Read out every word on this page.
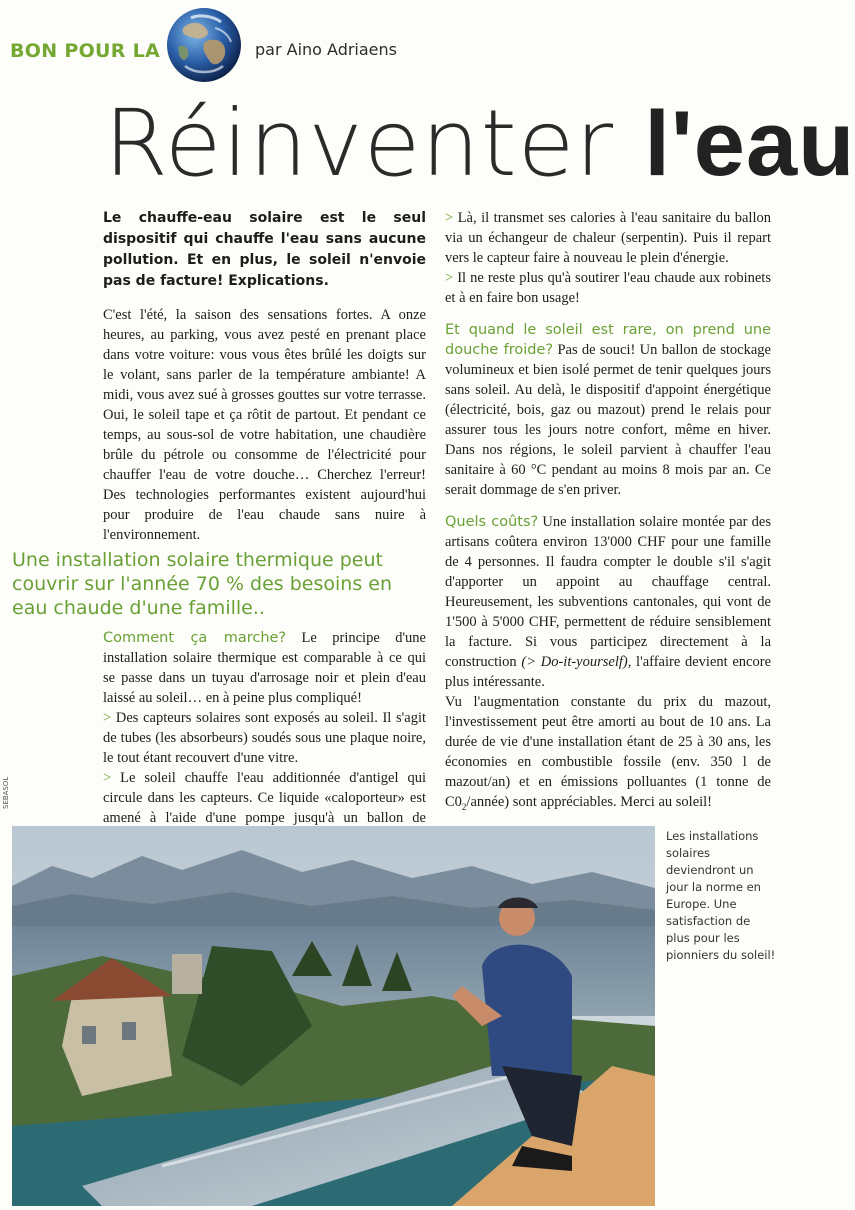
BON POUR LA	par Aino Adriaens
Réinventer l'eau
Le chauffe-eau solaire est le seul dispositif qui chauffe l'eau sans aucune pollution. Et en plus, le soleil n'envoie pas de facture! Explications.

C'est l'été, la saison des sensations fortes. A onze heures, au parking, vous avez pesté en prenant place dans votre voiture: vous vous êtes brûlé les doigts sur le volant, sans parler de la température ambiante! A midi, vous avez sué à grosses gouttes sur votre terrasse. Oui, le soleil tape et ça rôtit de partout. Et pendant ce temps, au sous-sol de votre habitation, une chaudière brûle du pétrole ou consomme de l'électricité pour chauffer l'eau de votre douche… Cherchez l'erreur! Des technologies performantes existent aujourd'hui pour produire de l'eau chaude sans nuire à l'environnement.

Une installation solaire thermique peut couvrir sur l'année 70 % des besoins en eau chaude d'une famille..

Comment ça marche? Le principe d'une installation solaire thermique est comparable à ce qui se passe dans un tuyau d'arrosage noir et plein d'eau laissé au soleil… en à peine plus compliqué!

> Des capteurs solaires sont exposés au soleil. Il s'agit de tubes (les absorbeurs) soudés sous une plaque noire, le tout étant recouvert d'une vitre.

> Le soleil chauffe l'eau additionnée d'antigel qui circule dans les capteurs. Ce liquide «caloporteur» est amené à l'aide d'une pompe jusqu'à un ballon de

> Là, il transmet ses calories à l'eau sanitaire du ballon via un échangeur de chaleur (serpentin). Puis il repart vers le capteur faire à nouveau le plein d'énergie.

> Il ne reste plus qu'à soutirer l'eau chaude aux robinets et à en faire bon usage!

Et quand le soleil est rare, on prend une douche froide? Pas de souci! Un ballon de stockage volumineux et bien isolé permet de tenir quelques jours sans soleil. Au delà, le dispositif d'appoint énergétique (électricité, bois, gaz ou mazout) prend le relais pour assurer tous les jours notre confort, même en hiver. Dans nos régions, le soleil parvient à chauffer l'eau sanitaire à 60 °C pendant au moins 8 mois par an. Ce serait dommage de s'en priver.

Quels coûts? Une installation solaire montée par des artisans coûtera environ 13'000 CHF pour une famille de 4 personnes. Il faudra compter le double s'il s'agit d'apporter un appoint au chauffage central. Heureusement, les subventions cantonales, qui vont de 1'500 à 5'000 CHF, permettent de réduire sensiblement la facture. Si vous participez directement à la construction (> Do-it-yourself), l'affaire devient encore plus intéressante.

Vu l'augmentation constante du prix du mazout, l'investissement peut être amorti au bout de 10 ans. La durée de vie d'une installation étant de 25 à 30 ans, les économies en combustible fossile (env. 350 l de mazout/an) et en émissions polluantes (1 tonne de $C0_2/année$) sont appréciables. Merci au soleil!

SEBASOL
Les installations solaires deviendront un jour la norme en Europe. Une satisfaction de plus pour les pionniers du soleil!
